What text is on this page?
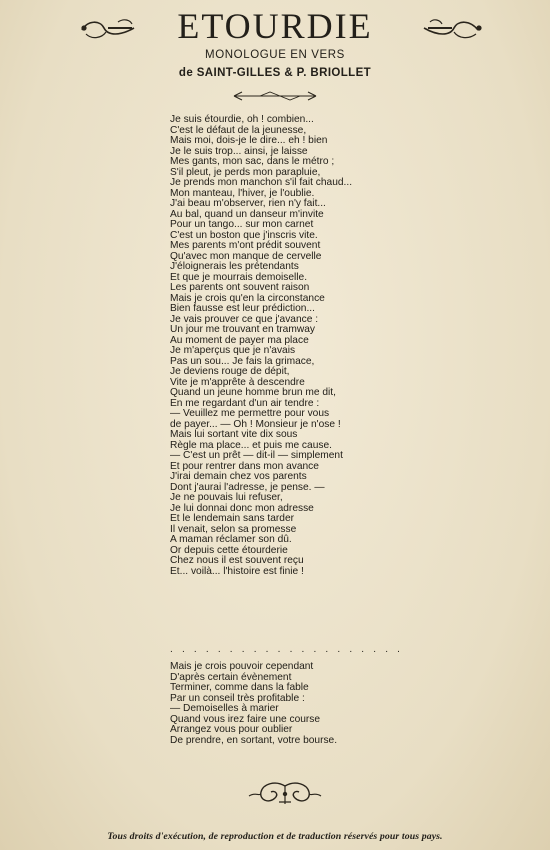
ETOURDIE
MONOLOGUE EN VERS
de SAINT-GILLES & P. BRIOLLET
Je suis étourdie, oh ! combien...
C'est le défaut de la jeunesse,
Mais moi, dois-je le dire... eh ! bien
Je le suis trop... ainsi, je laisse
Mes gants, mon sac, dans le métro ;
S'il pleut, je perds mon parapluie,
Je prends mon manchon s'il fait chaud...
Mon manteau, l'hiver, je l'oublie.
J'ai beau m'observer, rien n'y fait...
Au bal, quand un danseur m'invite
Pour un tango... sur mon carnet
C'est un boston que j'inscris vite.
Mes parents m'ont prédit souvent
Qu'avec mon manque de cervelle
J'éloignerais les prétendants
Et que je mourrais demoiselle.
Les parents ont souvent raison
Mais je crois qu'en la circonstance
Bien fausse est leur prédiction...
Je vais prouver ce que j'avance :
Un jour me trouvant en tramway
Au moment de payer ma place
Je m'aperçus que je n'avais
Pas un sou... Je fais la grimace,
Je deviens rouge de dépit,
Vite je m'apprête à descendre
Quand un jeune homme brun me dit,
En me regardant d'un air tendre :
— Veuillez me permettre pour vous
de payer... — Oh ! Monsieur je n'ose !
Mais lui sortant vite dix sous
Règle ma place... et puis me cause.
— C'est un prêt — dit-il — simplement
Et pour rentrer dans mon avance
J'irai demain chez vos parents
Dont j'aurai l'adresse, je pense. —
Je ne pouvais lui refuser,
Je lui donnai donc mon adresse
Et le lendemain sans tarder
Il venait, selon sa promesse
A maman réclamer son dû.
Or depuis cette étourderie
Chez nous il est souvent reçu
Et... voilà... l'histoire est finie !
. . . . . . . . . . . . . . . . . . . .
Mais je crois pouvoir cependant
D'après certain évènement
Terminer, comme dans la fable
Par un conseil très profitable :
— Demoiselles à marier
Quand vous irez faire une course
Arrangez vous pour oublier
De prendre, en sortant, votre bourse.
Tous droits d'exécution, de reproduction et de traduction réservés pour tous pays.
